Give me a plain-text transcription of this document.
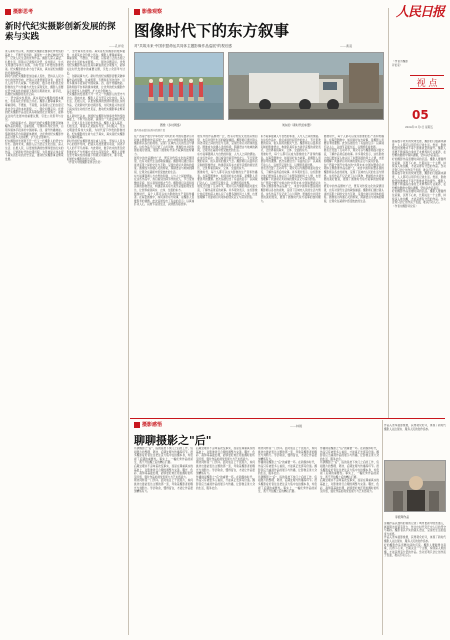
摄影思考
新时代纪实摄影创新发展的探索与实践
——孔祥泉
进入新时代以来，我国纪实摄影在继承优秀传统的基础上，不断开拓创新，涌现出一大批反映时代变迁、记录人民生活的优秀作品。摄影人深入基层、扎根生活，用镜头记录脱贫攻坚、乡村振兴、生态文明建设等伟大实践，为时代留下珍贵的影像档案。纪实摄影的生命力在于真实，真实是纪实摄影的灵魂和根基。
新时代的纪实摄影更加注重人民性，坚持以人民为中心的创作导向，把镜头对准普通劳动者，讲述平凡人的不平凡故事。与此同时，数字技术的普及使影像的生产与传播方式发生深刻变化，摄影人需要在坚守真实性的前提下积极运用新技术、新手段，拓展纪实摄影的表达空间。
一、坚守真实性原则。真实是纪实摄影的根本属性，也是其社会价值之所在。摄影人要尊重事实、尊重现场，不摆拍、不造假，以客观公正的态度记录社会生活的本来面貌。二、强化问题意识。优秀的纪实摄影作品往往具有敏锐的社会观察力，能够关注时代发展中的重要议题，引发公众思考与讨论。
三、创新叙事方式。新时代的纪实摄影需要突破单幅作品的局限，注重组照、专题和系列化创作，运用多媒体手段讲好中国故事。四、提升传播效能。借助网络平台和新媒体渠道，让优秀的纪实摄影作品走进更多人的视野，扩大社会影响力。
纪实摄影的发展离不开一代又一代摄影人的坚守与付出。面向未来，摄影人应当坚定文化自信，深入生活、扎根人民，以更加饱满的热情和更加扎实的作品，记录新时代的壮阔历程，为民族复兴伟业留下真实而生动的历史见证，推动纪实摄影事业繁荣发展。
一、坚守真实性原则。真实是纪实摄影的根本属性，也是其社会价值之所在。摄影人要尊重事实、尊重现场，不摆拍、不造假，以客观公正的态度记录社会生活的本来面貌。二、强化问题意识。优秀的纪实摄影作品往往具有敏锐的社会观察力，能够关注时代发展中的重要议题，引发公众思考与讨论。
三、创新叙事方式。新时代的纪实摄影需要突破单幅作品的局限，注重组照、专题和系列化创作，运用多媒体手段讲好中国故事。四、提升传播效能。借助网络平台和新媒体渠道，让优秀的纪实摄影作品走进更多人的视野，扩大社会影响力。
纪实摄影的发展离不开一代又一代摄影人的坚守与付出。面向未来，摄影人应当坚定文化自信，深入生活、扎根人民，以更加饱满的热情和更加扎实的作品，记录新时代的壮阔历程，为民族复兴伟业留下真实而生动的历史见证，推动纪实摄影事业繁荣发展。
进入新时代以来，我国纪实摄影在继承优秀传统的基础上，不断开拓创新，涌现出一大批反映时代变迁、记录人民生活的优秀作品。摄影人深入基层、扎根生活，用镜头记录脱贫攻坚、乡村振兴、生态文明建设等伟大实践，为时代留下珍贵的影像档案。纪实摄影的生命力在于真实，真实是纪实摄影的灵魂和根基。
新时代的纪实摄影更加注重人民性，坚持以人民为中心的创作导向，把镜头对准普通劳动者，讲述平凡人的不平凡故事。与此同时，数字技术的普及使影像的生产与传播方式发生深刻变化，摄影人需要在坚守真实性的前提下积极运用新技术、新手段，拓展纪实摄影的表达空间。
（作者为中国摄影家协会会员）
影像观察
图像时代下的东方叙事
对"共筑未来·中国东盟命运共同体主题影像作品巡展"的观后感	——黄羽
图像《乡村网络》	刘东的《新时代的东盟》
在广西南宁展厅中举办的"共筑未来·中国东盟命运共同体主题影像作品巡展"上，来自中国和东盟各国的摄影师以各自的视角，呈现了区域内人民的生活与情感。这些作品不仅记录了山川风物，更描绘出共同发展的美好图景，展现了图像时代东方叙事的独特魅力。
展览中的作品题材广泛，既有对传统文化的深情回望，也有对现代生活的敏锐捕捉。摄影师们通过镜头讲述邻里之间的交往与互助，呈现出命运共同体的温度。图像成为沟通心灵的桥梁，跨越语言与地域的隔阂，让观众在凝视中感受彼此的生活。
东方叙事强调人与自然的和谐、人与人之间的情谊。在这些作品中，我们看到田间劳作的农人、节日里欢聚的家庭、街头巷尾的烟火气息。摄影师们以温和而克制的影像语言，构建起具有东方美学意蕴的视觉表达，让世界看到真实、立体、全面的东方。
图像时代，每个人都可以成为影像的生产者和传播者。在海量图像中，如何讲好东方故事，是摄影人需要思考的课题。此次巡展给出了有益的启示：以真诚打动人心，以细节呈现生活，以情感连接世界。
展览中的作品题材广泛，既有对传统文化的深情回望，也有对现代生活的敏锐捕捉。摄影师们通过镜头讲述邻里之间的交往与互助，呈现出命运共同体的温度。图像成为沟通心灵的桥梁，跨越语言与地域的隔阂，让观众在凝视中感受彼此的生活。
东方叙事强调人与自然的和谐、人与人之间的情谊。在这些作品中，我们看到田间劳作的农人、节日里欢聚的家庭、街头巷尾的烟火气息。摄影师们以温和而克制的影像语言，构建起具有东方美学意蕴的视觉表达，让世界看到真实、立体、全面的东方。
图像时代，每个人都可以成为影像的生产者和传播者。在海量图像中，如何讲好东方故事，是摄影人需要思考的课题。此次巡展给出了有益的启示：以真诚打动人心，以细节呈现生活，以情感连接世界。
展览还设置了互动环节，观众可以与摄影师面对面交流，了解作品背后的故事。许多观众表示，这些影像让他们更加深入地认识了东盟各国的风土人情，也更加理解了共建命运共同体的现实意义与深远价值。
东方叙事强调人与自然的和谐、人与人之间的情谊。在这些作品中，我们看到田间劳作的农人、节日里欢聚的家庭、街头巷尾的烟火气息。摄影师们以温和而克制的影像语言，构建起具有东方美学意蕴的视觉表达，让世界看到真实、立体、全面的东方。
图像时代，每个人都可以成为影像的生产者和传播者。在海量图像中，如何讲好东方故事，是摄影人需要思考的课题。此次巡展给出了有益的启示：以真诚打动人心，以细节呈现生活，以情感连接世界。
展览还设置了互动环节，观众可以与摄影师面对面交流，了解作品背后的故事。许多观众表示，这些影像让他们更加深入地认识了东盟各国的风土人情，也更加理解了共建命运共同体的现实意义与深远价值。
在广西南宁展厅中举办的"共筑未来·中国东盟命运共同体主题影像作品巡展"上，来自中国和东盟各国的摄影师以各自的视角，呈现了区域内人民的生活与情感。这些作品不仅记录了山川风物，更描绘出共同发展的美好图景，展现了图像时代东方叙事的独特魅力。
图像时代，每个人都可以成为影像的生产者和传播者。在海量图像中，如何讲好东方故事，是摄影人需要思考的课题。此次巡展给出了有益的启示：以真诚打动人心，以细节呈现生活，以情感连接世界。
展览还设置了互动环节，观众可以与摄影师面对面交流，了解作品背后的故事。许多观众表示，这些影像让他们更加深入地认识了东盟各国的风土人情，也更加理解了共建命运共同体的现实意义与深远价值。
在广西南宁展厅中举办的"共筑未来·中国东盟命运共同体主题影像作品巡展"上，来自中国和东盟各国的摄影师以各自的视角，呈现了区域内人民的生活与情感。这些作品不仅记录了山川风物，更描绘出共同发展的美好图景，展现了图像时代东方叙事的独特魅力。
展览中的作品题材广泛，既有对传统文化的深情回望，也有对现代生活的敏锐捕捉。摄影师们通过镜头讲述邻里之间的交往与互助，呈现出命运共同体的温度。图像成为沟通心灵的桥梁，跨越语言与地域的隔阂，让观众在凝视中感受彼此的生活。
摄影感悟
聊聊摄影之"后"
——林晨
所谓摄影之"后"，指的是按下快门之后的工作，包括图片的整理、筛选、后期处理与传播等环节。很多摄影爱好者往往把注意力集中在拍摄本身，却忽视了后期的重要性。事实上，一幅优秀作品的诞生，离不开拍摄之后的精心打磨。
后期处理并不意味着改变事实，而是在尊重真实的基础上，对影像进行合理的调整与完善。曝光、色彩、裁剪等基础处理，能够更好地还原拍摄时的所见所感，强化作品的视觉表现力与艺术感染力。
筛选同样是一门学问。面对成百上千张照片，如何挑选出最能表达主题的那一张，考验着摄影者的眼光与判断力。学会取舍，懂得留白，才能让作品更加精炼有力。
后期处理并不意味着改变事实，而是在尊重真实的基础上，对影像进行合理的调整与完善。曝光、色彩、裁剪等基础处理，能够更好地还原拍摄时的所见所感，强化作品的视觉表现力与艺术感染力。
筛选同样是一门学问。面对成百上千张照片，如何挑选出最能表达主题的那一张，考验着摄影者的眼光与判断力。学会取舍，懂得留白，才能让作品更加精炼有力。
传播则是摄影之"后"的重要一环。在新媒体时代，作品只有被更多人看到，才能真正发挥其价值。摄影者应当重视作品的展示与传播，让影像走进大众的生活，服务社会。
筛选同样是一门学问。面对成百上千张照片，如何挑选出最能表达主题的那一张，考验着摄影者的眼光与判断力。学会取舍，懂得留白，才能让作品更加精炼有力。
传播则是摄影之"后"的重要一环。在新媒体时代，作品只有被更多人看到，才能真正发挥其价值。摄影者应当重视作品的展示与传播，让影像走进大众的生活，服务社会。
所谓摄影之"后"，指的是按下快门之后的工作，包括图片的整理、筛选、后期处理与传播等环节。很多摄影爱好者往往把注意力集中在拍摄本身，却忽视了后期的重要性。事实上，一幅优秀作品的诞生，离不开拍摄之后的精心打磨。
传播则是摄影之"后"的重要一环。在新媒体时代，作品只有被更多人看到，才能真正发挥其价值。摄影者应当重视作品的展示与传播，让影像走进大众的生活，服务社会。
所谓摄影之"后"，指的是按下快门之后的工作，包括图片的整理、筛选、后期处理与传播等环节。很多摄影爱好者往往把注意力集中在拍摄本身，却忽视了后期的重要性。事实上，一幅优秀作品的诞生，离不开拍摄之后的精心打磨。
后期处理并不意味着改变事实，而是在尊重真实的基础上，对影像进行合理的调整与完善。曝光、色彩、裁剪等基础处理，能够更好地还原拍摄时的所见所感，强化作品的视觉表现力与艺术感染力。
人民日报
视 点
05
2024年11月1日 星期五
（作者为摄影评论家）
随着数字技术的快速发展，摄影的门槛越来越低，人人都可以用手机记录生活。然而，影像数量的激增并不等于影像质量的提升。摄影人需要不断提高自身的艺术修养和专业素养，在纷繁的图像中保持清醒，坚持以作品说话。
好的摄影作品需要时间的沉淀。摄影人要耐得住寂寞，沉得下心来，长期关注一个主题，持续深入地拍摄，才能获得有分量的作品。急功近利只会让创作流于表面，难以打动人心。
随着数字技术的快速发展，摄影的门槛越来越低，人人都可以用手机记录生活。然而，影像数量的激增并不等于影像质量的提升。摄影人需要不断提高自身的艺术修养和专业素养，在纷繁的图像中保持清醒，坚持以作品说话。
好的摄影作品需要时间的沉淀。摄影人要耐得住寂寞，沉得下心来，长期关注一个主题，持续深入地拍摄，才能获得有分量的作品。急功近利只会让创作流于表面，难以打动人心。
（作者为摄影评论家）
李毅辉作品
作品入选本届影像展，获得观众好评，体现了新时代摄影人关注现实、服务人民的创作追求。
这幅作品以独特的视角记录了城市更新中的普通人，画面简洁而富有张力，传达出时代变迁中人们的坚守与期待。摄影者以平实的镜头语言，呈现出生活的温度与质感。
作品入选本届影像展，获得观众好评，体现了新时代摄影人关注现实、服务人民的创作追求。
好的摄影作品需要时间的沉淀。摄影人要耐得住寂寞，沉得下心来，长期关注一个主题，持续深入地拍摄，才能获得有分量的作品。急功近利只会让创作流于表面，难以打动人心。
墨西哥南部恰帕斯州的原住民
